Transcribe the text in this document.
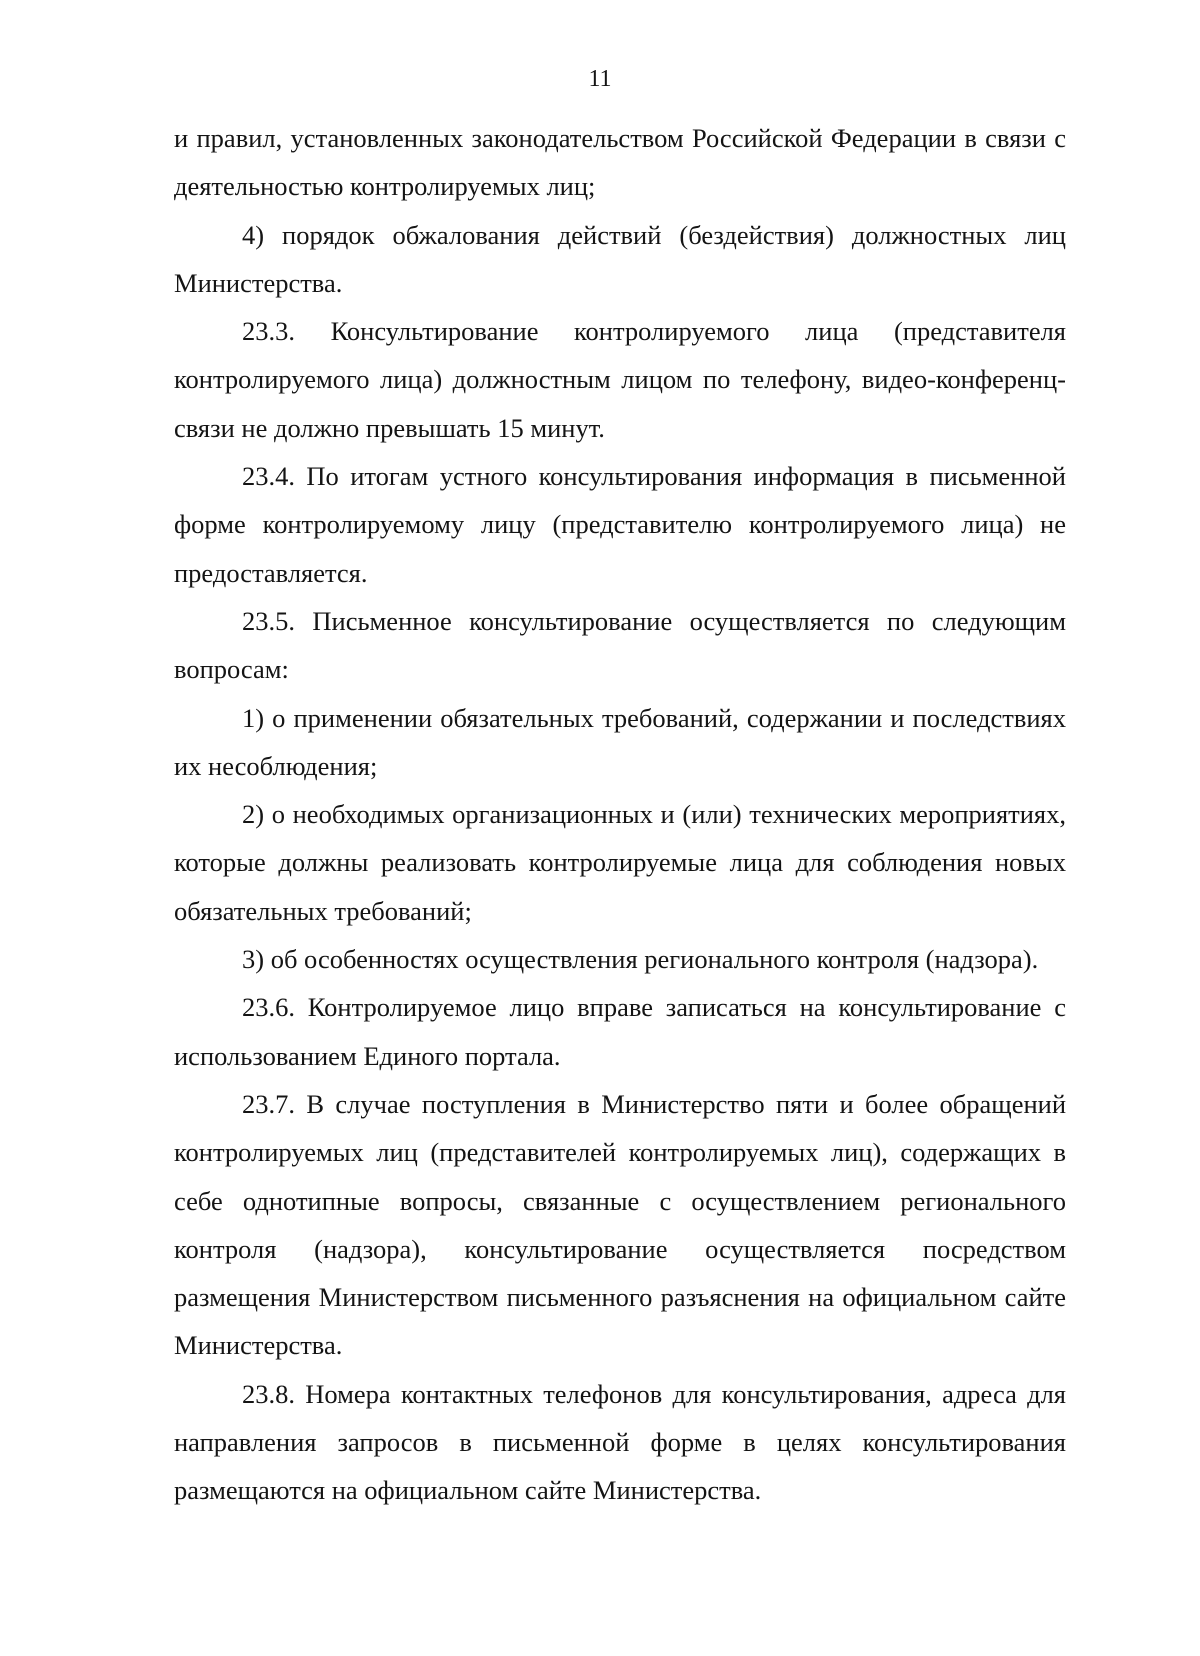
11

и правил, установленных законодательством Российской Федерации в связи с деятельностью контролируемых лиц;

4) порядок обжалования действий (бездействия) должностных лиц Министерства.

23.3. Консультирование контролируемого лица (представителя контролируемого лица) должностным лицом по телефону, видео-конференц-связи не должно превышать 15 минут.

23.4. По итогам устного консультирования информация в письменной форме контролируемому лицу (представителю контролируемого лица) не предоставляется.

23.5. Письменное консультирование осуществляется по следующим вопросам:

1) о применении обязательных требований, содержании и последствиях их несоблюдения;

2) о необходимых организационных и (или) технических мероприятиях, которые должны реализовать контролируемые лица для соблюдения новых обязательных требований;

3) об особенностях осуществления регионального контроля (надзора).

23.6. Контролируемое лицо вправе записаться на консультирование с использованием Единого портала.

23.7. В случае поступления в Министерство пяти и более обращений контролируемых лиц (представителей контролируемых лиц), содержащих в себе однотипные вопросы, связанные с осуществлением регионального контроля (надзора), консультирование осуществляется посредством размещения Министерством письменного разъяснения на официальном сайте Министерства.

23.8. Номера контактных телефонов для консультирования, адреса для направления запросов в письменной форме в целях консультирования размещаются на официальном сайте Министерства.
